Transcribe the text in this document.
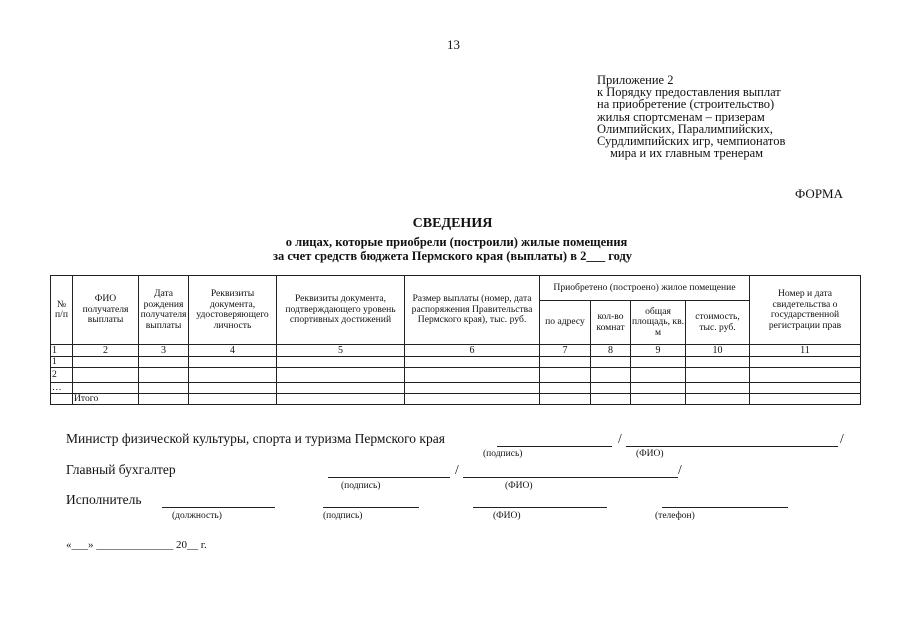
13
Приложение 2
к Порядку предоставления выплат
на приобретение (строительство)
жилья спортсменам – призерам
Олимпийских, Паралимпийских,
Сурдлимпийских игр, чемпионатов
мира и их главным тренерам
ФОРМА
СВЕДЕНИЯ
о лицах, которые приобрели (построили) жилые помещения
за счет средств бюджета Пермского края (выплаты) в 2___ году
№ п/п	ФИО получателя выплаты	Дата рождения получателя выплаты	Реквизиты документа, удостоверяющего личность	Реквизиты документа, подтверждающего уровень спортивных достижений	Размер выплаты (номер, дата распоряжения Правительства Пермского края), тыс. руб.	Приобретено (построено) жилое помещение				Номер и дата свидетельства о государственной регистрации прав
						по адресу	кол-во комнат	общая площадь, кв. м	стоимость, тыс. руб.	
1	2	3	4	5	6	7	8	9	10	11
1										
2										
…										
	Итого									
Министр физической культуры, спорта и туризма Пермского края	/	/
(подпись)	(ФИО)
Главный бухгалтер	/	/
(подпись)	(ФИО)
Исполнитель
(должность)	(подпись)	(ФИО)	(телефон)
«___» ______________ 20__ г.
